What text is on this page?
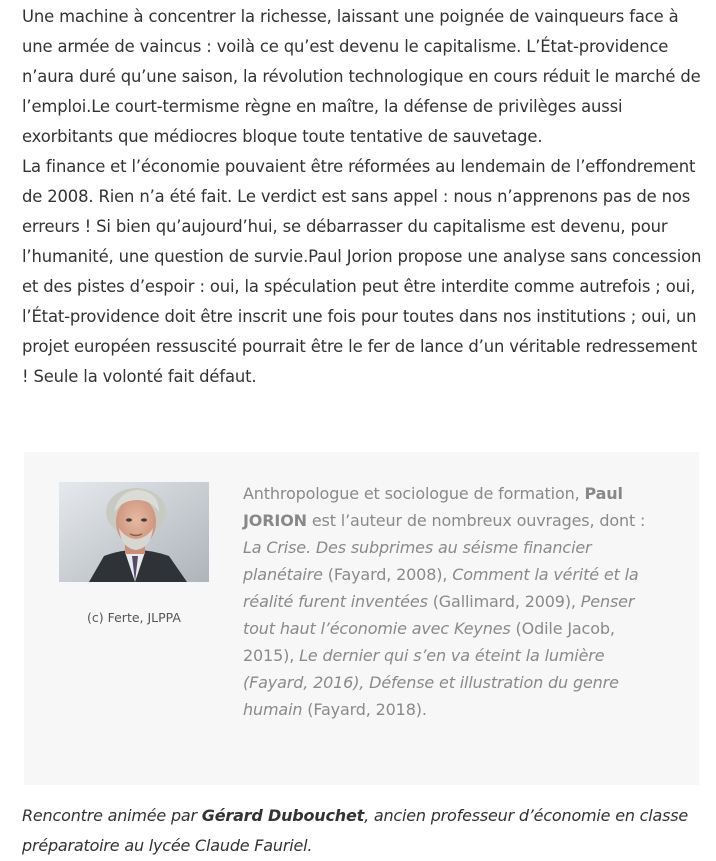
Une machine à concentrer la richesse, laissant une poignée de vainqueurs face à une armée de vaincus : voilà ce qu’est devenu le capitalisme. L’État-providence n’aura duré qu’une saison, la révolution technologique en cours réduit le marché de l’emploi.Le court-termisme règne en maître, la défense de privilèges aussi exorbitants que médiocres bloque toute tentative de sauvetage.

La finance et l’économie pouvaient être réformées au lendemain de l’effondrement de 2008. Rien n’a été fait. Le verdict est sans appel : nous n’apprenons pas de nos erreurs ! Si bien qu’aujourd’hui, se débarrasser du capitalisme est devenu, pour l’humanité, une question de survie.Paul Jorion propose une analyse sans concession et des pistes d’espoir : oui, la spéculation peut être interdite comme autrefois ; oui, l’État-providence doit être inscrit une fois pour toutes dans nos institutions ; oui, un projet européen ressuscité pourrait être le fer de lance d’un véritable redressement ! Seule la volonté fait défaut.

Anthropologue et sociologue de formation, Paul JORION est l’auteur de nombreux ouvrages, dont : La Crise. Des subprimes au séisme financier planétaire (Fayard, 2008), Comment la vérité et la réalité furent inventées (Gallimard, 2009), Penser tout haut l’économie avec Keynes (Odile Jacob, 2015), Le dernier qui s’en va éteint la lumière (Fayard, 2016), Défense et illustration du genre humain (Fayard, 2018).
(c) Ferte, JLPPA
Rencontre animée par Gérard Dubouchet, ancien professeur d’économie en classe préparatoire au lycée Claude Fauriel.
